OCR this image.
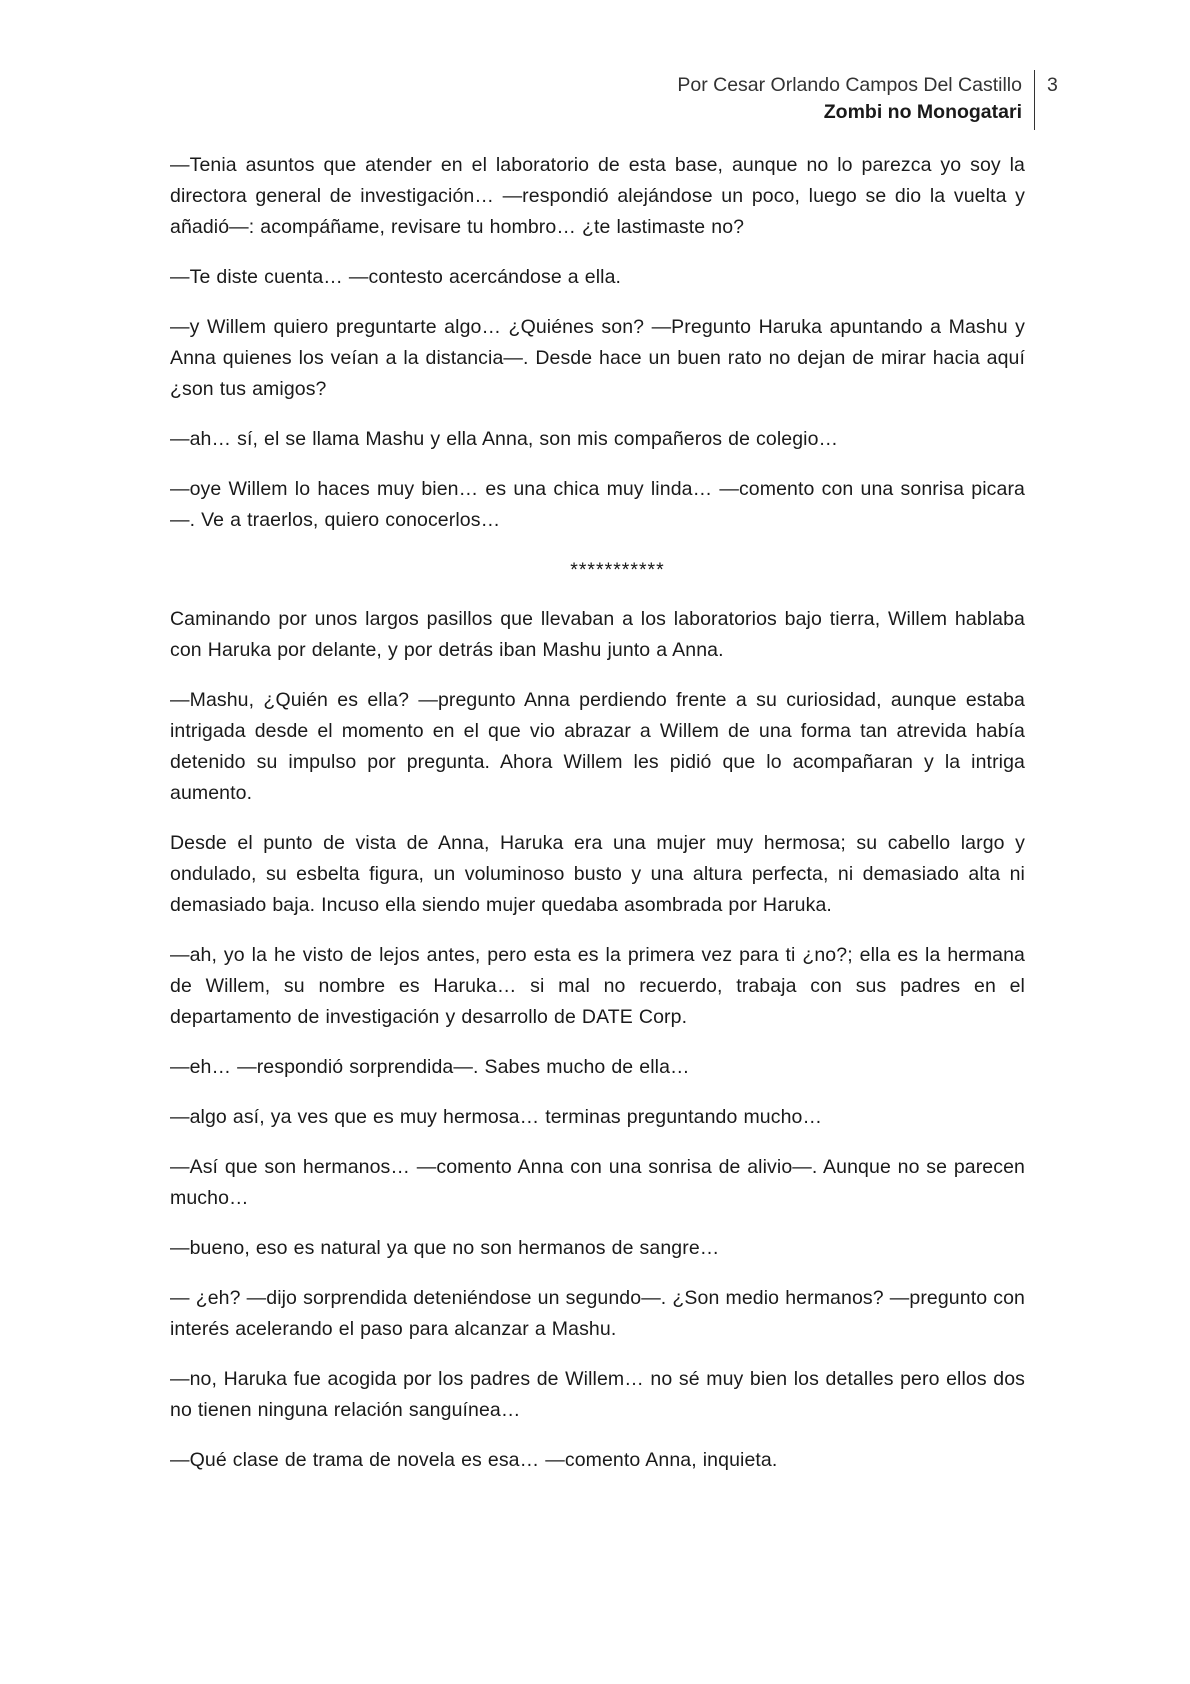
Por Cesar Orlando Campos Del Castillo
Zombi no Monogatari
3

—Tenia asuntos que atender en el laboratorio de esta base, aunque no lo parezca yo soy la directora general de investigación… —respondió alejándose un poco, luego se dio la vuelta y añadió—: acompáñame, revisare tu hombro… ¿te lastimaste no?

—Te diste cuenta… —contesto acercándose a ella.

—y Willem quiero preguntarte algo… ¿Quiénes son? —Pregunto Haruka apuntando a Mashu y Anna quienes los veían a la distancia—. Desde hace un buen rato no dejan de mirar hacia aquí ¿son tus amigos?

—ah… sí, el se llama Mashu y ella Anna, son mis compañeros de colegio…

—oye Willem lo haces muy bien… es una chica muy linda… —comento con una sonrisa picara—. Ve a traerlos, quiero conocerlos…

***********

Caminando por unos largos pasillos que llevaban a los laboratorios bajo tierra, Willem hablaba con Haruka por delante, y por detrás iban Mashu junto a Anna.

—Mashu, ¿Quién es ella? —pregunto Anna perdiendo frente a su curiosidad, aunque estaba intrigada desde el momento en el que vio abrazar a Willem de una forma tan atrevida había detenido su impulso por pregunta. Ahora Willem les pidió que lo acompañaran y la intriga aumento.

Desde el punto de vista de Anna, Haruka era una mujer muy hermosa; su cabello largo y ondulado, su esbelta figura, un voluminoso busto y una altura perfecta, ni demasiado alta ni demasiado baja. Incuso ella siendo mujer quedaba asombrada por Haruka.

—ah, yo la he visto de lejos antes, pero esta es la primera vez para ti ¿no?; ella es la hermana de Willem, su nombre es Haruka… si mal no recuerdo, trabaja con sus padres en el departamento de investigación y desarrollo de DATE Corp.

—eh… —respondió sorprendida—. Sabes mucho de ella…

—algo así, ya ves que es muy hermosa… terminas preguntando mucho…

—Así que son hermanos… —comento Anna con una sonrisa de alivio—. Aunque no se parecen mucho…

—bueno, eso es natural ya que no son hermanos de sangre…

— ¿eh? —dijo sorprendida deteniéndose un segundo—. ¿Son medio hermanos? —pregunto con interés acelerando el paso para alcanzar a Mashu.

—no, Haruka fue acogida por los padres de Willem… no sé muy bien los detalles pero ellos dos no tienen ninguna relación sanguínea…

—Qué clase de trama de novela es esa… —comento Anna, inquieta.
